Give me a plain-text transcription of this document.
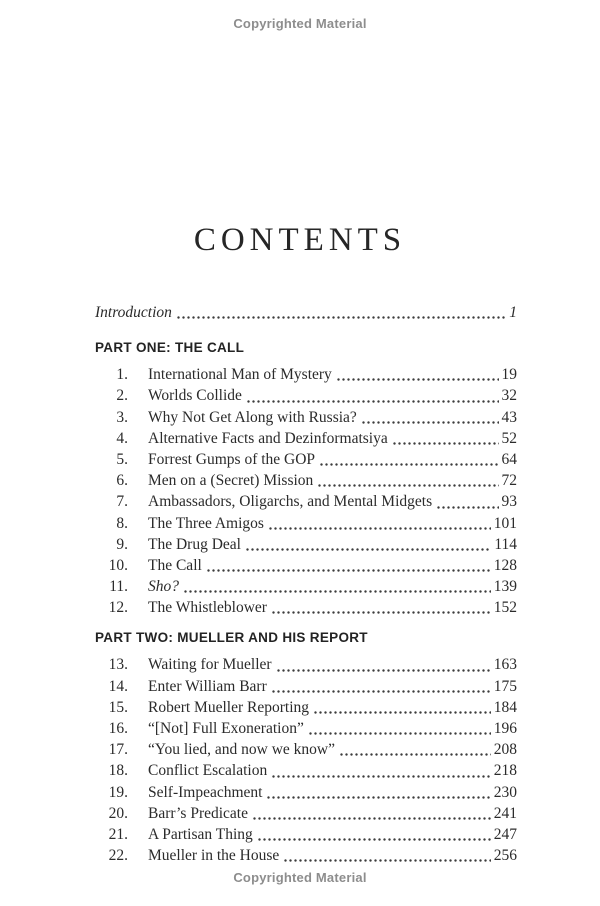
Copyrighted Material
CONTENTS
Introduction	1
PART ONE: THE CALL
1.	International Man of Mystery	19
2.	Worlds Collide	32
3.	Why Not Get Along with Russia?	43
4.	Alternative Facts and Dezinformatsiya	52
5.	Forrest Gumps of the GOP	64
6.	Men on a (Secret) Mission	72
7.	Ambassadors, Oligarchs, and Mental Midgets	93
8.	The Three Amigos	101
9.	The Drug Deal	114
10.	The Call	128
11.	Sho?	139
12.	The Whistleblower	152
PART TWO: MUELLER AND HIS REPORT
13.	Waiting for Mueller	163
14.	Enter William Barr	175
15.	Robert Mueller Reporting	184
16.	“[Not] Full Exoneration”	196
17.	“You lied, and now we know”	208
18.	Conflict Escalation	218
19.	Self-Impeachment	230
20.	Barr’s Predicate	241
21.	A Partisan Thing	247
22.	Mueller in the House	256
Copyrighted Material
